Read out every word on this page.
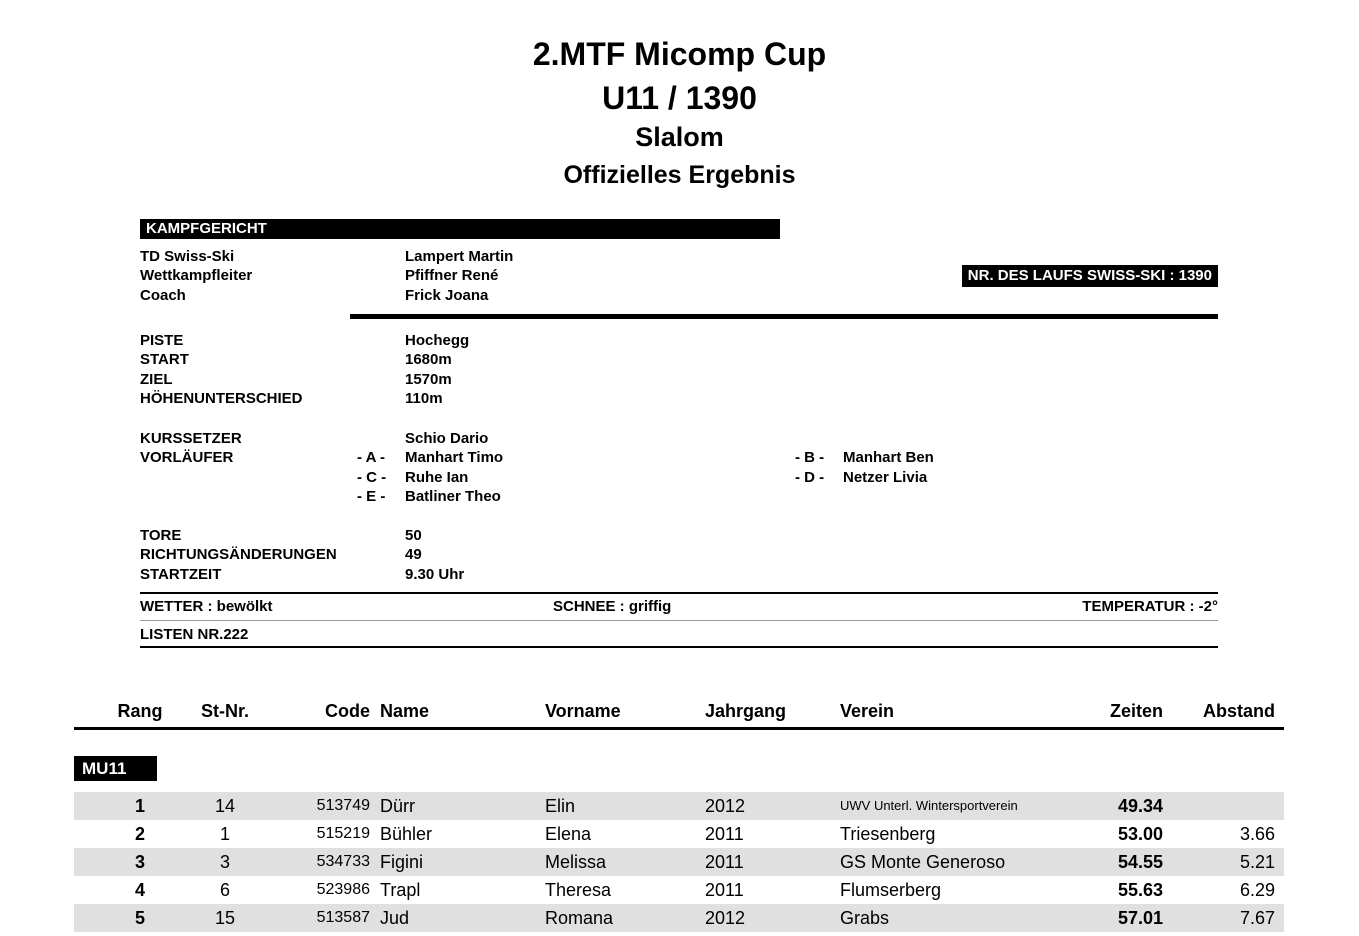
2.MTF Micomp Cup
U11 / 1390
Slalom
Offizielles Ergebnis
KAMPFGERICHT
TD Swiss-Ski	Lampert Martin
Wettkampfleiter	Pfiffner René
Coach	Frick Joana
NR. DES LAUFS SWISS-SKI : 1390
PISTE	Hochegg
START	1680m
ZIEL	1570m
HÖHENUNTERSCHIED	110m
KURSSETZER	Schio Dario
VORLÄUFER	- A - Manhart Timo	- B - Manhart Ben
- C - Ruhe Ian	- D - Netzer Livia
- E - Batliner Theo
TORE	50
RICHTUNGSÄNDERUNGEN	49
STARTZEIT	9.30 Uhr
WETTER : bewölkt	SCHNEE : griffig	TEMPERATUR : -2°
LISTEN NR.222
Rang	St-Nr.	Code Name	Vorname	Jahrgang	Verein	Zeiten	Abstand
MU11
1	14	513749 Dürr	Elin	2012	UWV Unterl. Wintersportverein	49.34
2	1	515219 Bühler	Elena	2011	Triesenberg	53.00	3.66
3	3	534733 Figini	Melissa	2011	GS Monte Generoso	54.55	5.21
4	6	523986 Trapl	Theresa	2011	Flumserberg	55.63	6.29
5	15	513587 Jud	Romana	2012	Grabs	57.01	7.67
